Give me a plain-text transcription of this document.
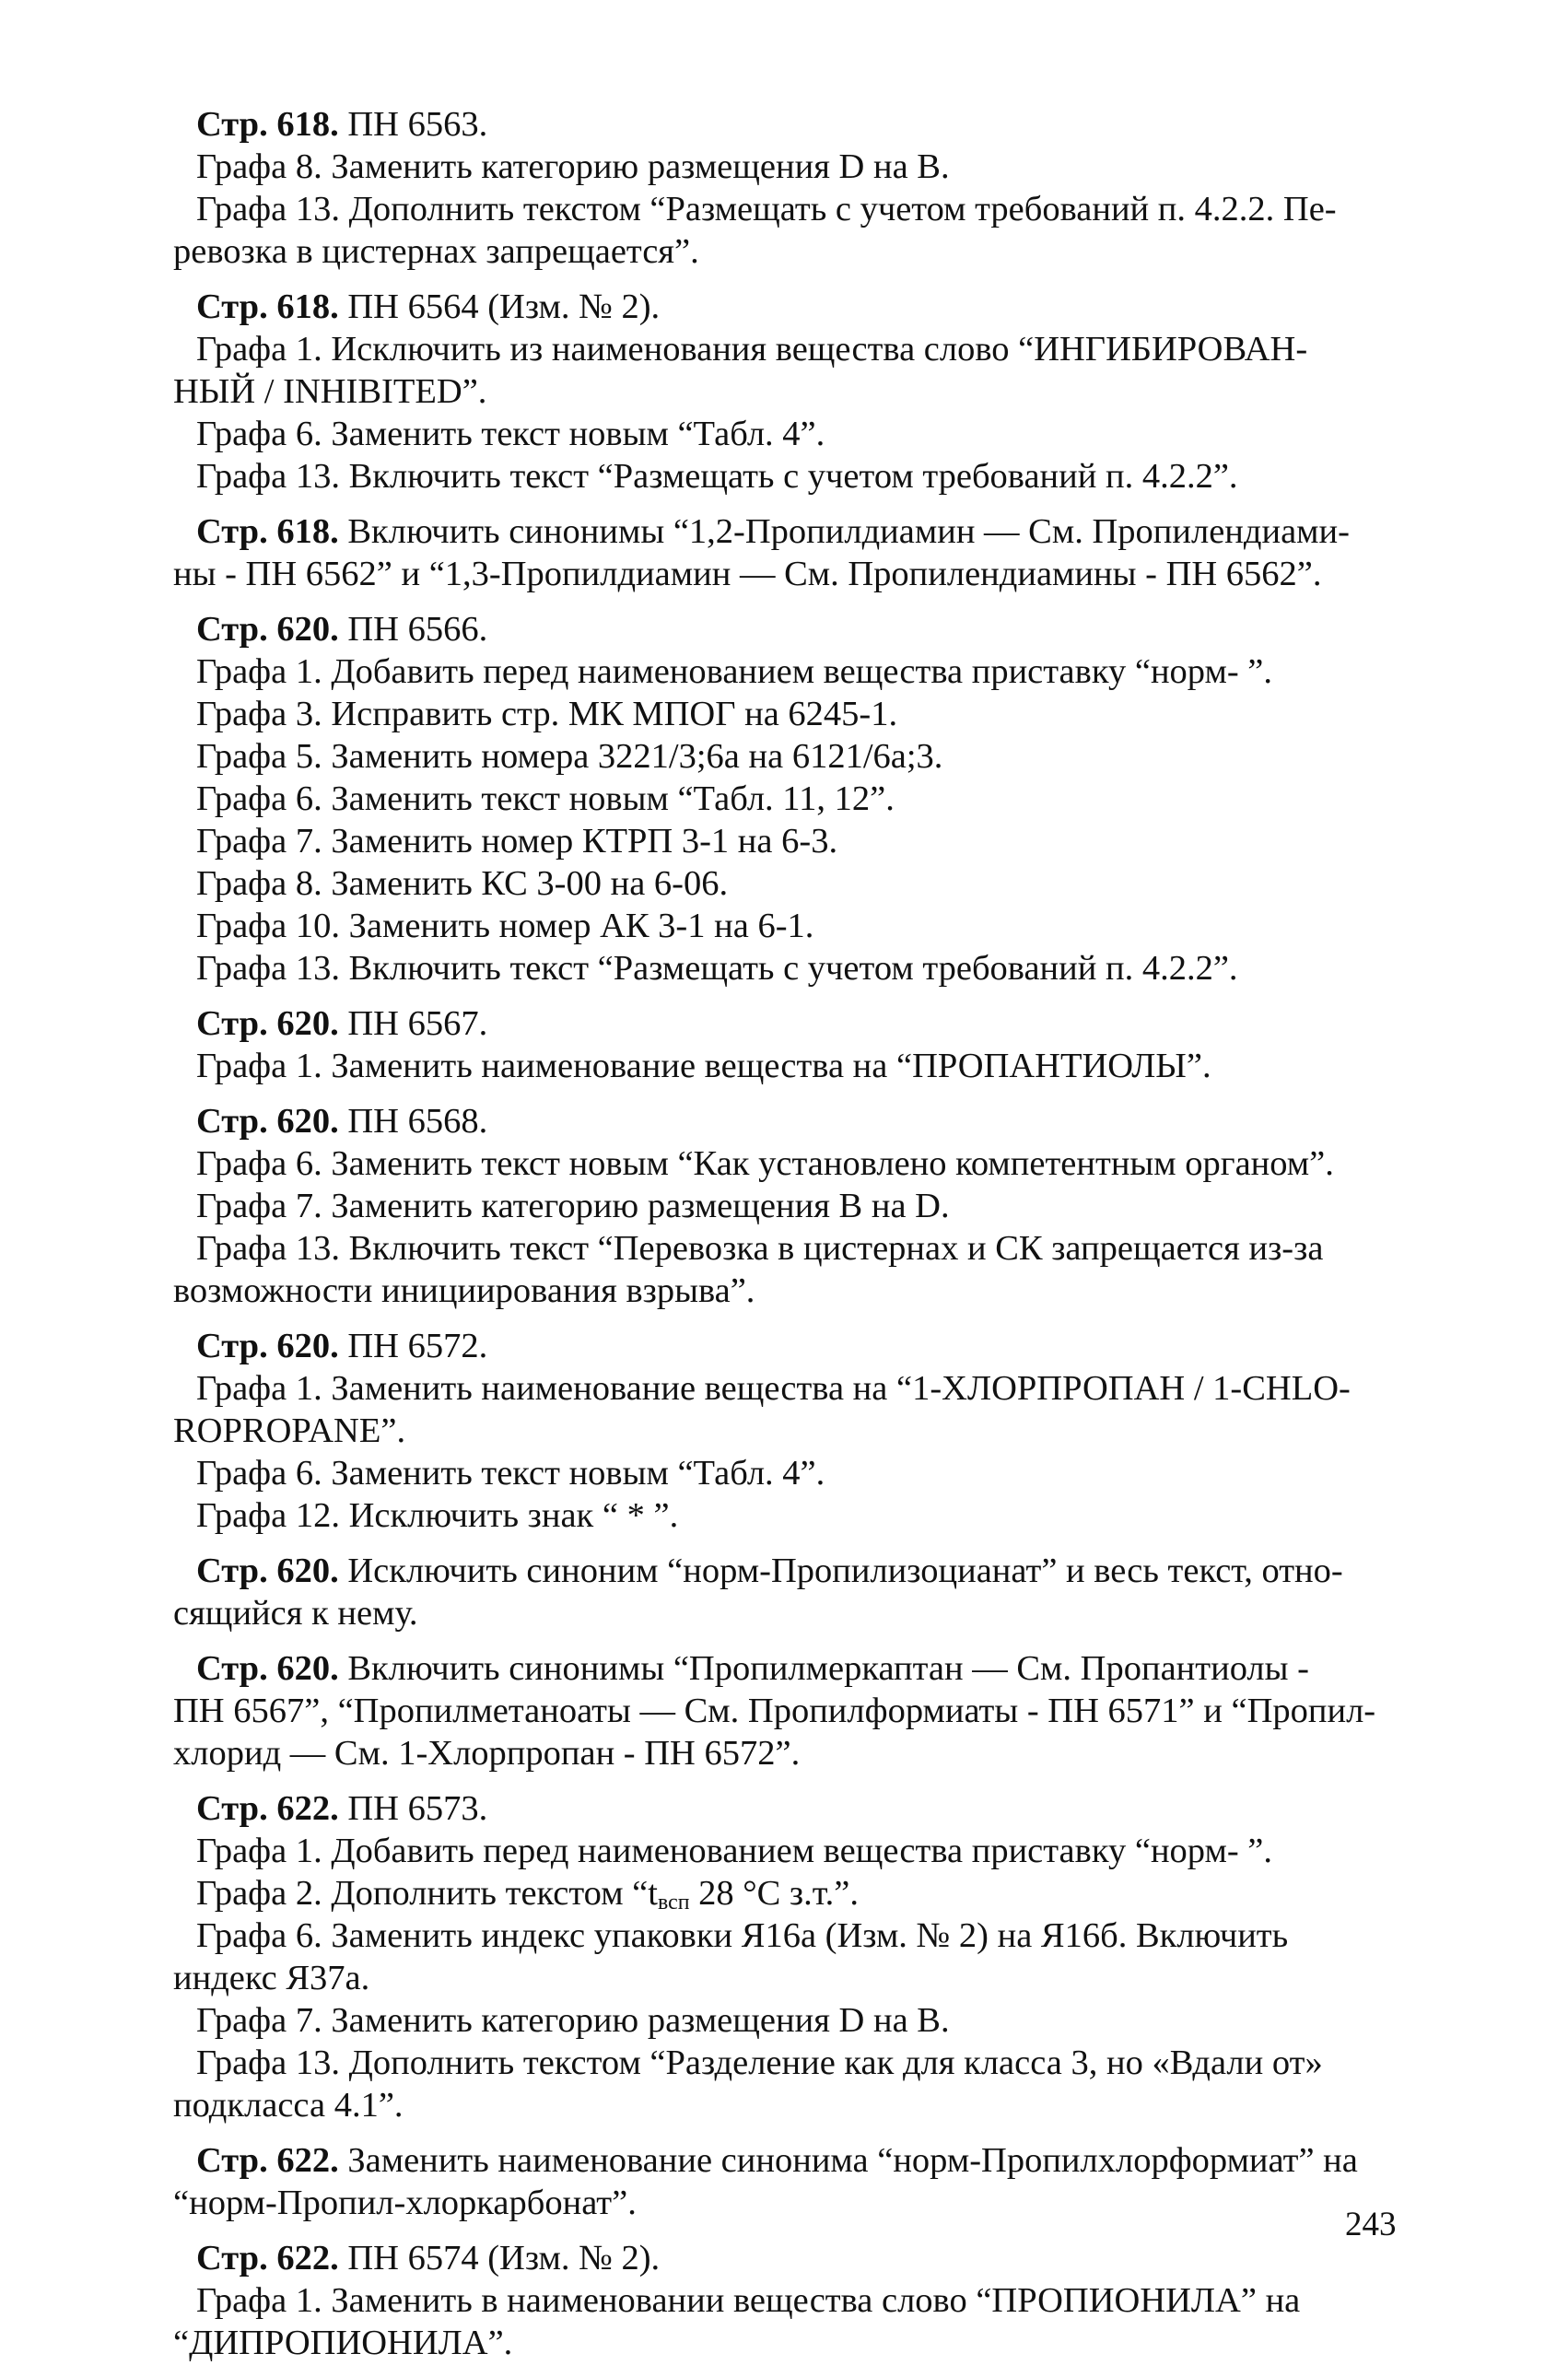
Стр. 618. ПН 6563.
Графа 8. Заменить категорию размещения D на В.
Графа 13. Дополнить текстом “Размещать с учетом требований п. 4.2.2. Пе-
ревозка в цистернах запрещается”.
Стр. 618. ПН 6564 (Изм. № 2).
Графа 1. Исключить из наименования вещества слово “ИНГИБИРОВАН-
НЫЙ / INHIBITED”.
Графа 6. Заменить текст новым “Табл. 4”.
Графа 13. Включить текст “Размещать с учетом требований п. 4.2.2”.
Стр. 618. Включить синонимы “1,2-Пропилдиамин — См. Пропилендиами-
ны - ПН 6562” и “1,3-Пропилдиамин — См. Пропилендиамины - ПН 6562”.
Стр. 620. ПН 6566.
Графа 1. Добавить перед наименованием вещества приставку “норм- ”.
Графа 3. Исправить стр. МК МПОГ на 6245-1.
Графа 5. Заменить номера 3221/3;6а на 6121/6а;3.
Графа 6. Заменить текст новым “Табл. 11, 12”.
Графа 7. Заменить номер КТРП 3-1 на 6-3.
Графа 8. Заменить КС 3-00 на 6-06.
Графа 10. Заменить номер АК 3-1 на 6-1.
Графа 13. Включить текст “Размещать с учетом требований п. 4.2.2”.
Стр. 620. ПН 6567.
Графа 1. Заменить наименование вещества на “ПРОПАНТИОЛЫ”.
Стр. 620. ПН 6568.
Графа 6. Заменить текст новым “Как установлено компетентным органом”.
Графа 7. Заменить категорию размещения В на D.
Графа 13. Включить текст “Перевозка в цистернах и СК запрещается из-за
возможности инициирования взрыва”.
Стр. 620. ПН 6572.
Графа 1. Заменить наименование вещества на “1-ХЛОРПРОПАН / 1-CHLO-
ROPROPANE”.
Графа 6. Заменить текст новым “Табл. 4”.
Графа 12. Исключить знак “ * ”.
Стр. 620. Исключить синоним “норм-Пропилизоцианат” и весь текст, отно-
сящийся к нему.
Стр. 620. Включить синонимы “Пропилмеркаптан — См. Пропантиолы -
ПН 6567”, “Пропилметаноаты — См. Пропилформиаты - ПН 6571” и “Пропил-
хлорид — См. 1-Хлорпропан - ПН 6572”.
Стр. 622. ПН 6573.
Графа 1. Добавить перед наименованием вещества приставку “норм- ”.
Графа 2. Дополнить текстом “$t_{всп}$ 28 °С з.т.”.
Графа 6. Заменить индекс упаковки Я16а (Изм. № 2) на Я16б. Включить
индекс Я37а.
Графа 7. Заменить категорию размещения D на В.
Графа 13. Дополнить текстом “Разделение как для класса 3, но «Вдали от»
подкласса 4.1”.
Стр. 622. Заменить наименование синонима “норм-Пропилхлорформиат” на
“норм-Пропил-хлоркарбонат”.
Стр. 622. ПН 6574 (Изм. № 2).
Графа 1. Заменить в наименовании вещества слово “ПРОПИОНИЛА” на
“ДИПРОПИОНИЛА”.
243
